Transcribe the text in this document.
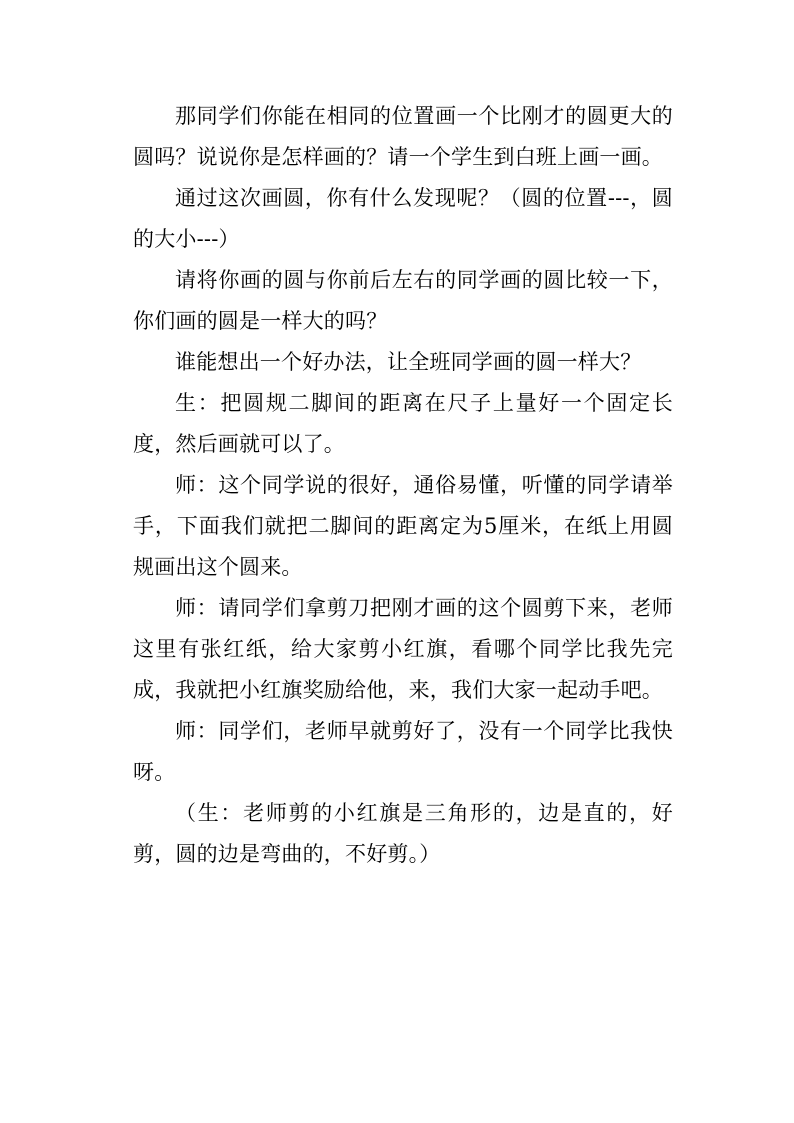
那同学们你能在相同的位置画一个比刚才的圆更大的圆吗？说说你是怎样画的？请一个学生到白班上画一画。

通过这次画圆，你有什么发现呢？（圆的位置---，圆的大小---）

请将你画的圆与你前后左右的同学画的圆比较一下，你们画的圆是一样大的吗？

谁能想出一个好办法，让全班同学画的圆一样大？

生：把圆规二脚间的距离在尺子上量好一个固定长度，然后画就可以了。

师：这个同学说的很好，通俗易懂，听懂的同学请举手，下面我们就把二脚间的距离定为5厘米，在纸上用圆规画出这个圆来。

师：请同学们拿剪刀把刚才画的这个圆剪下来，老师这里有张红纸，给大家剪小红旗，看哪个同学比我先完成，我就把小红旗奖励给他，来，我们大家一起动手吧。

师：同学们，老师早就剪好了，没有一个同学比我快呀。

（生：老师剪的小红旗是三角形的，边是直的，好剪，圆的边是弯曲的，不好剪。）
